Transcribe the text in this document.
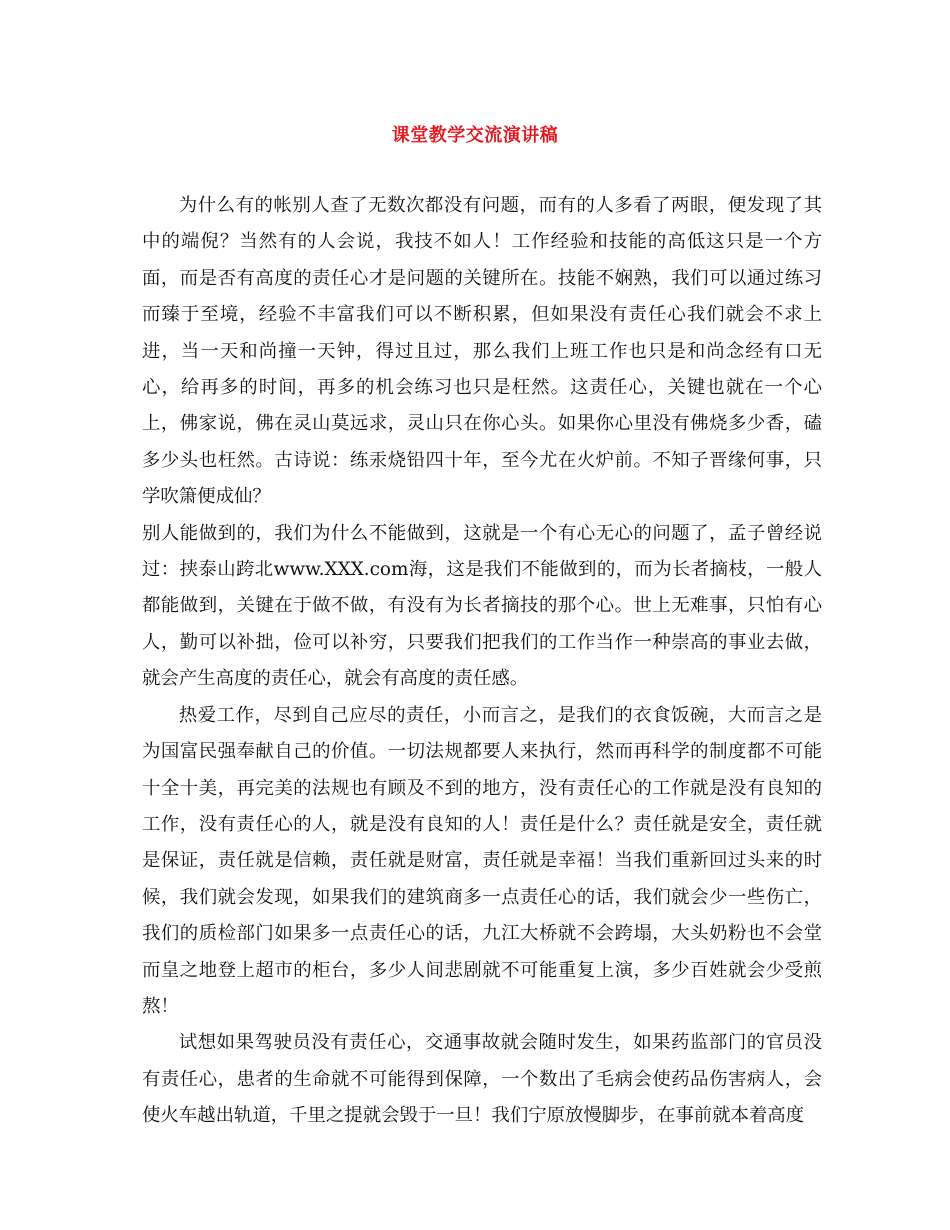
课堂教学交流演讲稿

为什么有的帐别人查了无数次都没有问题，而有的人多看了两眼，便发现了其中的端倪？当然有的人会说，我技不如人！工作经验和技能的高低这只是一个方面，而是否有高度的责任心才是问题的关键所在。技能不娴熟，我们可以通过练习而臻于至境，经验不丰富我们可以不断积累，但如果没有责任心我们就会不求上进，当一天和尚撞一天钟，得过且过，那么我们上班工作也只是和尚念经有口无心，给再多的时间，再多的机会练习也只是枉然。这责任心，关键也就在一个心上，佛家说，佛在灵山莫远求，灵山只在你心头。如果你心里没有佛烧多少香，磕多少头也枉然。古诗说：练汞烧铅四十年，至今尤在火炉前。不知子晋缘何事，只学吹箫便成仙？

别人能做到的，我们为什么不能做到，这就是一个有心无心的问题了，孟子曾经说过：挟泰山跨北www.XXX.com海，这是我们不能做到的，而为长者摘枝，一般人都能做到，关键在于做不做，有没有为长者摘技的那个心。世上无难事，只怕有心人，勤可以补拙，俭可以补穷，只要我们把我们的工作当作一种崇高的事业去做，就会产生高度的责任心，就会有高度的责任感。

热爱工作，尽到自己应尽的责任，小而言之，是我们的衣食饭碗，大而言之是为国富民强奉献自己的价值。一切法规都要人来执行，然而再科学的制度都不可能十全十美，再完美的法规也有顾及不到的地方，没有责任心的工作就是没有良知的工作，没有责任心的人，就是没有良知的人！责任是什么？责任就是安全，责任就是保证，责任就是信赖，责任就是财富，责任就是幸福！当我们重新回过头来的时候，我们就会发现，如果我们的建筑商多一点责任心的话，我们就会少一些伤亡，我们的质检部门如果多一点责任心的话，九江大桥就不会跨塌，大头奶粉也不会堂而皇之地登上超市的柜台，多少人间悲剧就不可能重复上演，多少百姓就会少受煎熬！

试想如果驾驶员没有责任心，交通事故就会随时发生，如果药监部门的官员没有责任心，患者的生命就不可能得到保障，一个数出了毛病会使药品伤害病人，会使火车越出轨道，千里之提就会毁于一旦！我们宁原放慢脚步，在事前就本着高度
